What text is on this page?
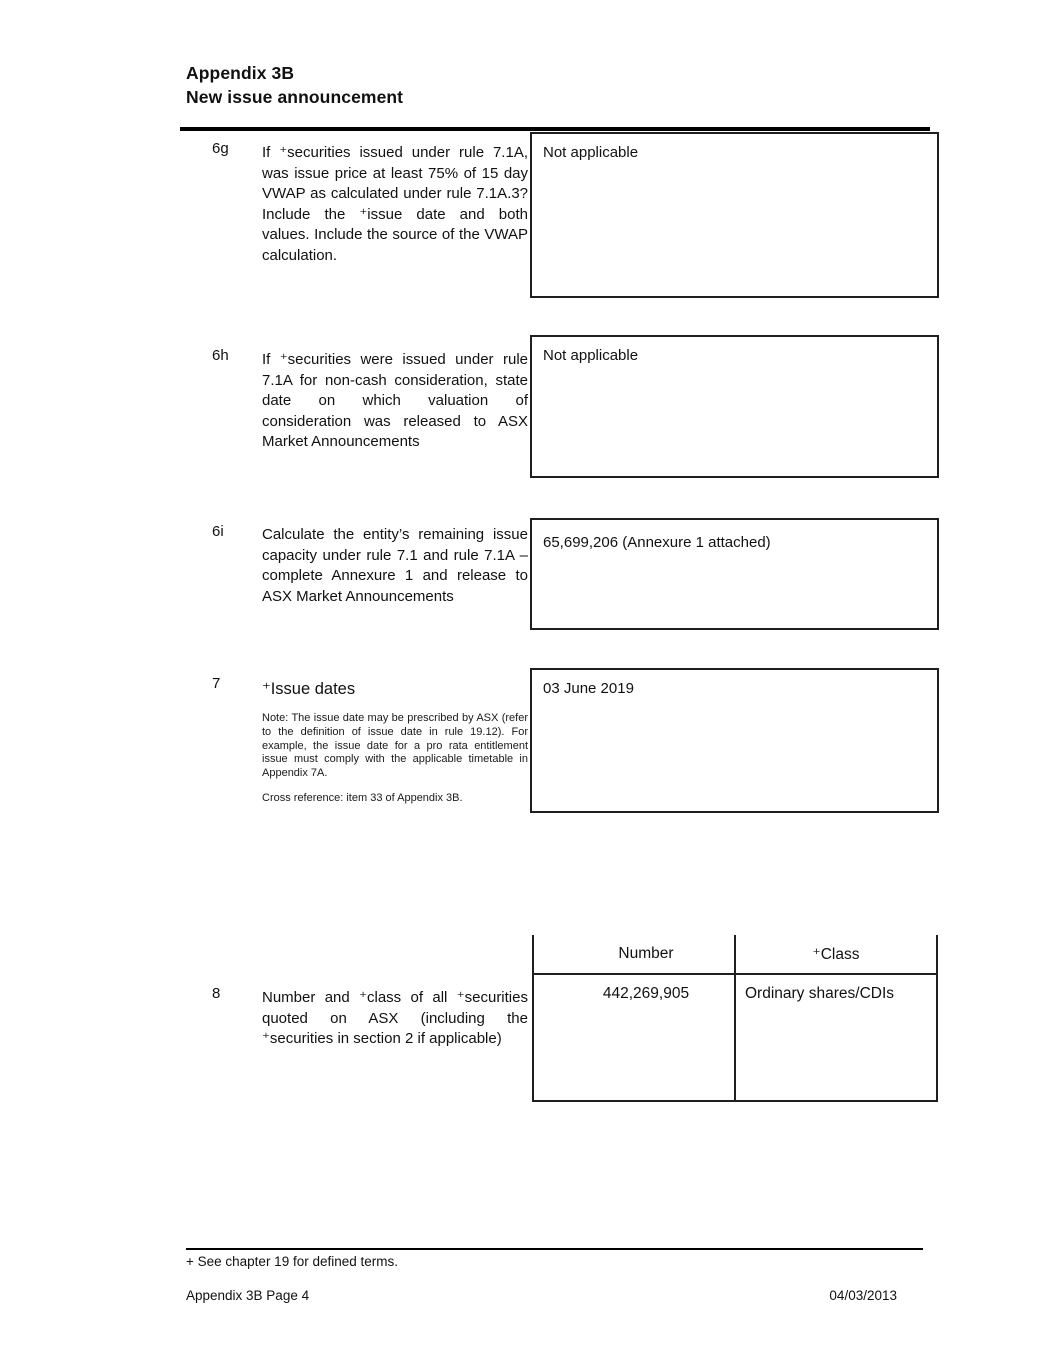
Appendix 3B
New issue announcement
6g If ⁺securities issued under rule 7.1A, was issue price at least 75% of 15 day VWAP as calculated under rule 7.1A.3? Include the ⁺issue date and both values. Include the source of the VWAP calculation.
Not applicable
6h If ⁺securities were issued under rule 7.1A for non-cash consideration, state date on which valuation of consideration was released to ASX Market Announcements
Not applicable
6i	Calculate the entity’s remaining issue capacity under rule 7.1 and rule 7.1A – complete Annexure 1 and release to ASX Market Announcements
65,699,206 (Annexure 1 attached)
7	⁺Issue dates
Note: The issue date may be prescribed by ASX (refer to the definition of issue date in rule 19.12). For example, the issue date for a pro rata entitlement issue must comply with the applicable timetable in Appendix 7A.
Cross reference: item 33 of Appendix 3B.
03 June 2019
8	Number and ⁺class of all ⁺securities quoted on ASX (including the ⁺securities in section 2 if applicable)
Number	⁺Class
442,269,905	Ordinary shares/CDIs
+ See chapter 19 for defined terms.
Appendix 3B Page 4	04/03/2013
